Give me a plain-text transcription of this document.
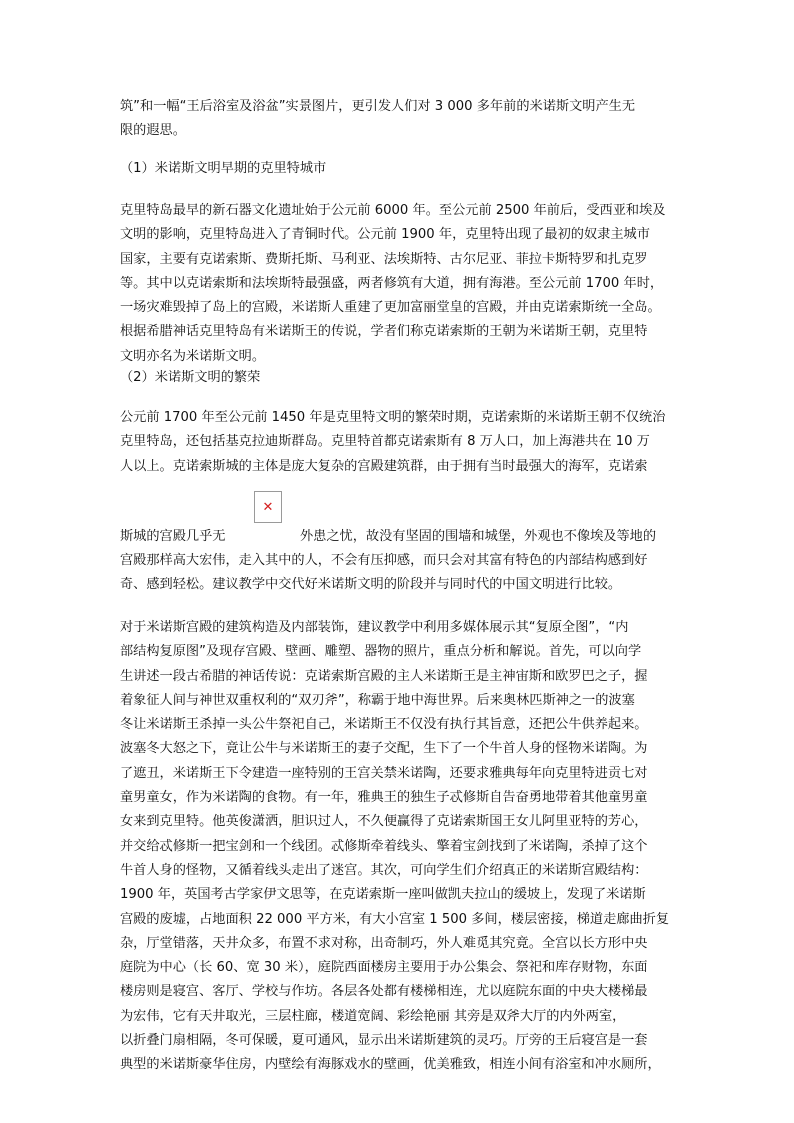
筑”和一幅“王后浴室及浴盆”实景图片，更引发人们对 3 000 多年前的米诺斯文明产生无
限的遐思。
（1）米诺斯文明早期的克里特城市
克里特岛最早的新石器文化遗址始于公元前 6000 年。至公元前 2500 年前后，受西亚和埃及
文明的影响，克里特岛进入了青铜时代。公元前 1900 年，克里特出现了最初的奴隶主城市
国家，主要有克诺索斯、费斯托斯、马利亚、法埃斯特、古尔尼亚、菲拉卡斯特罗和扎克罗
等。其中以克诺索斯和法埃斯特最强盛，两者修筑有大道，拥有海港。至公元前 1700 年时，
一场灾难毁掉了岛上的宫殿，米诺斯人重建了更加富丽堂皇的宫殿，并由克诺索斯统一全岛。
根据希腊神话克里特岛有米诺斯王的传说，学者们称克诺索斯的王朝为米诺斯王朝，克里特
文明亦名为米诺斯文明。
（2）米诺斯文明的繁荣
公元前 1700 年至公元前 1450 年是克里特文明的繁荣时期，克诺索斯的米诺斯王朝不仅统治
克里特岛，还包括基克拉迪斯群岛。克里特首都克诺索斯有 8 万人口，加上海港共在 10 万
人以上。克诺索斯城的主体是庞大复杂的宫殿建筑群，由于拥有当时最强大的海军，克诺索
✕
斯城的宫殿几乎无	外患之忧，故没有坚固的围墙和城堡，外观也不像埃及等地的
宫殿那样高大宏伟，走入其中的人，不会有压抑感，而只会对其富有特色的内部结构感到好
奇、感到轻松。建议教学中交代好米诺斯文明的阶段并与同时代的中国文明进行比较。
对于米诺斯宫殿的建筑构造及内部装饰，建议教学中利用多媒体展示其“复原全图”，“内
部结构复原图”及现存宫殿、壁画、雕塑、器物的照片，重点分析和解说。首先，可以向学
生讲述一段古希腊的神话传说：克诺索斯宫殿的主人米诺斯王是主神宙斯和欧罗巴之子，握
着象征人间与神世双重权利的“双刃斧”，称霸于地中海世界。后来奥林匹斯神之一的波塞
冬让米诺斯王杀掉一头公牛祭祀自己，米诺斯王不仅没有执行其旨意，还把公牛供养起来。
波塞冬大怒之下，竟让公牛与米诺斯王的妻子交配，生下了一个牛首人身的怪物米诺陶。为
了遮丑，米诺斯王下令建造一座特别的王宫关禁米诺陶，还要求雅典每年向克里特进贡七对
童男童女，作为米诺陶的食物。有一年，雅典王的独生子忒修斯自告奋勇地带着其他童男童
女来到克里特。他英俊潇洒，胆识过人，不久便赢得了克诺索斯国王女儿阿里亚特的芳心，
并交给忒修斯一把宝剑和一个线团。忒修斯牵着线头、擎着宝剑找到了米诺陶，杀掉了这个
牛首人身的怪物，又循着线头走出了迷宫。其次，可向学生们介绍真正的米诺斯宫殿结构：
1900 年，英国考古学家伊文思等，在克诺索斯一座叫做凯夫拉山的缓坡上，发现了米诺斯
宫殿的废墟，占地面积 22 000 平方米，有大小宫室 1 500 多间，楼层密接，梯道走廊曲折复
杂，厅堂错落，天井众多，布置不求对称，出奇制巧，外人难觅其究竟。全宫以长方形中央
庭院为中心（长 60、宽 30 米），庭院西面楼房主要用于办公集会、祭祀和库存财物，东面
楼房则是寝宫、客厅、学校与作坊。各层各处都有楼梯相连，尤以庭院东面的中央大楼梯最
为宏伟，它有天井取光，三层柱廊，楼道宽阔、彩绘艳丽 其旁是双斧大厅的内外两室，
以折叠门扇相隔，冬可保暖，夏可通风，显示出米诺斯建筑的灵巧。厅旁的王后寝宫是一套
典型的米诺斯豪华住房，内壁绘有海豚戏水的壁画，优美雅致，相连小间有浴室和冲水厕所，
